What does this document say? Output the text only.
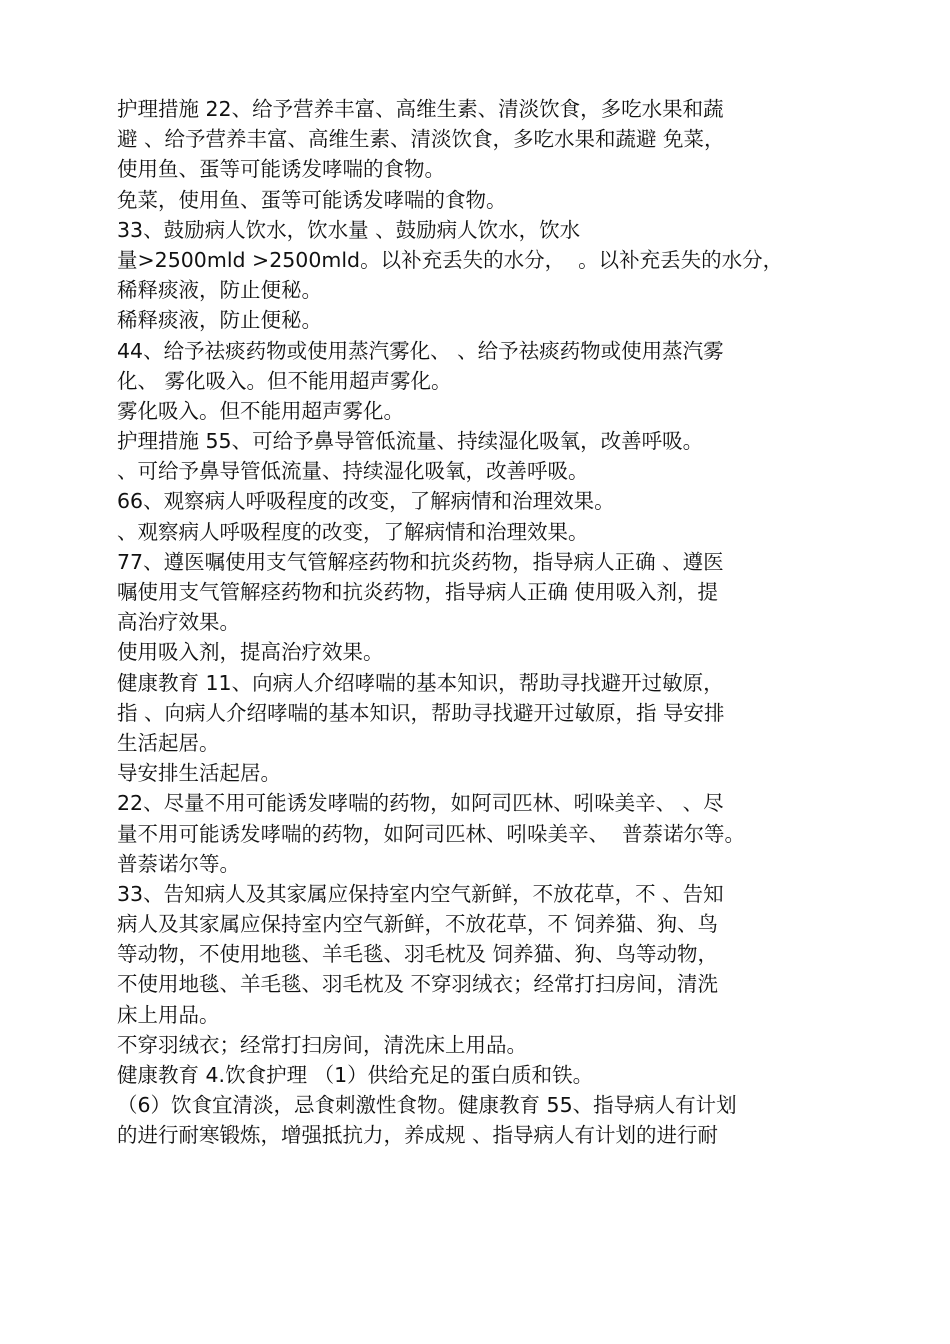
护理措施 22、给予营养丰富、高维生素、清淡饮食，多吃水果和蔬
避 、给予营养丰富、高维生素、清淡饮食，多吃水果和蔬避 免菜，
使用鱼、蛋等可能诱发哮喘的食物。
免菜，使用鱼、蛋等可能诱发哮喘的食物。
33、鼓励病人饮水，饮水量 、鼓励病人饮水，饮水
量>2500mld >2500mld。以补充丢失的水分，  。以补充丢失的水分，
稀释痰液，防止便秘。
稀释痰液，防止便秘。
44、给予祛痰药物或使用蒸汽雾化、 、给予祛痰药物或使用蒸汽雾
化、 雾化吸入。但不能用超声雾化。
雾化吸入。但不能用超声雾化。
护理措施 55、可给予鼻导管低流量、持续湿化吸氧，改善呼吸。
、可给予鼻导管低流量、持续湿化吸氧，改善呼吸。
66、观察病人呼吸程度的改变，了解病情和治理效果。
、观察病人呼吸程度的改变，了解病情和治理效果。
77、遵医嘱使用支气管解痉药物和抗炎药物，指导病人正确 、遵医
嘱使用支气管解痉药物和抗炎药物，指导病人正确 使用吸入剂，提
高治疗效果。
使用吸入剂，提高治疗效果。
健康教育 11、向病人介绍哮喘的基本知识，帮助寻找避开过敏原，
指 、向病人介绍哮喘的基本知识，帮助寻找避开过敏原，指 导安排
生活起居。
导安排生活起居。
22、尽量不用可能诱发哮喘的药物，如阿司匹林、吲哚美辛、 、尽
量不用可能诱发哮喘的药物，如阿司匹林、吲哚美辛、  普萘诺尔等。
普萘诺尔等。
33、告知病人及其家属应保持室内空气新鲜，不放花草，不 、告知
病人及其家属应保持室内空气新鲜，不放花草，不 饲养猫、狗、鸟
等动物，不使用地毯、羊毛毯、羽毛枕及 饲养猫、狗、鸟等动物，
不使用地毯、羊毛毯、羽毛枕及 不穿羽绒衣；经常打扫房间，清洗
床上用品。
不穿羽绒衣；经常打扫房间，清洗床上用品。
健康教育 4.饮食护理 （1）供给充足的蛋白质和铁。
（6）饮食宜清淡，忌食刺激性食物。健康教育 55、指导病人有计划
的进行耐寒锻炼，增强抵抗力，养成规 、指导病人有计划的进行耐
